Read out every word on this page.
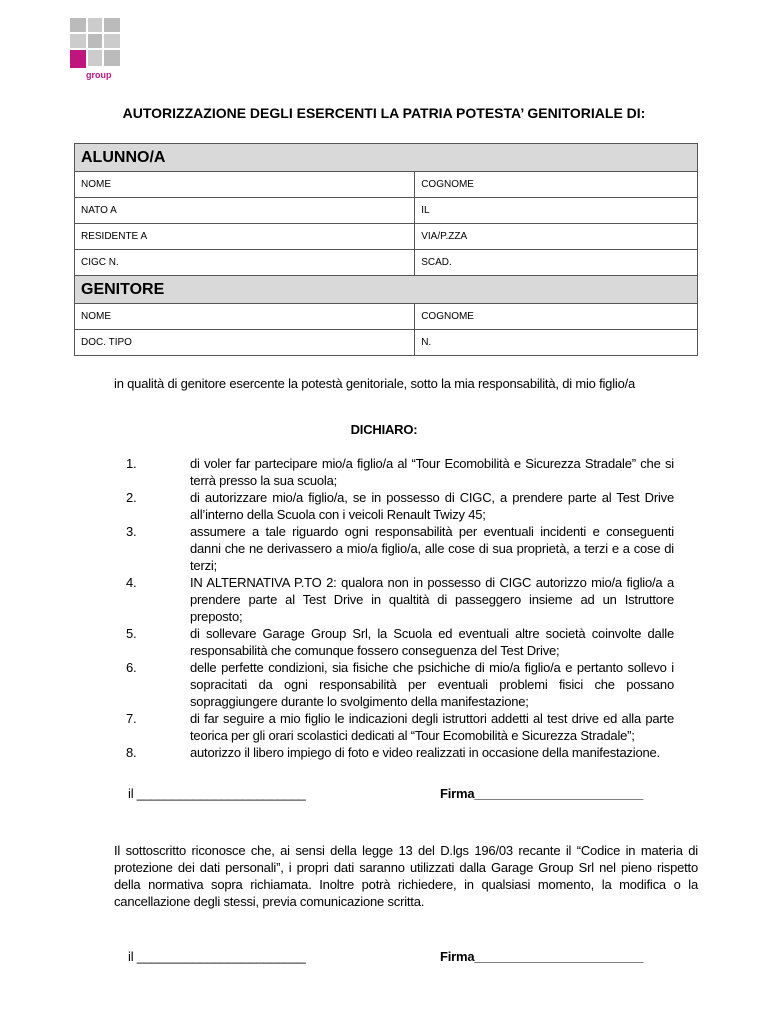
group
AUTORIZZAZIONE DEGLI ESERCENTI LA PATRIA POTESTA’ GENITORIALE DI:
ALUNNO/A	
NOME	COGNOME
NATO A	IL
RESIDENTE A	VIA/P.ZZA
CIGC N.	SCAD.
GENITORE	
NOME	COGNOME
DOC. TIPO	N.
in qualità di genitore esercente la potestà genitoriale, sotto la mia responsabilità, di mio figlio/a
DICHIARO:
1.	di voler far partecipare mio/a figlio/a al “Tour Ecomobilità e Sicurezza Stradale” che si terrà presso la sua scuola;
2.	di autorizzare mio/a figlio/a, se in possesso di CIGC, a prendere parte al Test Drive all’interno della Scuola con i veicoli Renault Twizy 45;
3.	assumere a tale riguardo ogni responsabilità per eventuali incidenti e conseguenti danni che ne derivassero a mio/a figlio/a, alle cose di sua proprietà, a terzi e a cose di terzi;
4.	IN ALTERNATIVA P.TO 2: qualora non in possesso di CIGC autorizzo mio/a figlio/a a prendere parte al Test Drive in qualtità di passeggero insieme ad un Istruttore preposto;
5.	di sollevare Garage Group Srl, la Scuola ed eventuali altre società coinvolte dalle responsabilità che comunque fossero conseguenza del Test Drive;
6.	delle perfette condizioni, sia fisiche che psichiche di mio/a figlio/a e pertanto sollevo i sopracitati da ogni responsabilità per eventuali problemi fisici che possano sopraggiungere durante lo svolgimento della manifestazione;
7.	di far seguire a mio figlio le indicazioni degli istruttori addetti al test drive ed alla parte teorica per gli orari scolastici dedicati al “Tour Ecomobilità e Sicurezza Stradale”;
8.	autorizzo il libero impiego di foto e video realizzati in occasione della manifestazione.
il ________________________	Firma________________________
Il sottoscritto riconosce che, ai sensi della legge 13 del D.lgs 196/03 recante il “Codice in materia di protezione dei dati personali”, i propri dati saranno utilizzati dalla Garage Group Srl nel pieno rispetto della normativa sopra richiamata. Inoltre potrà richiedere, in qualsiasi momento, la modifica o la cancellazione degli stessi, previa comunicazione scritta.
il ________________________	Firma________________________
